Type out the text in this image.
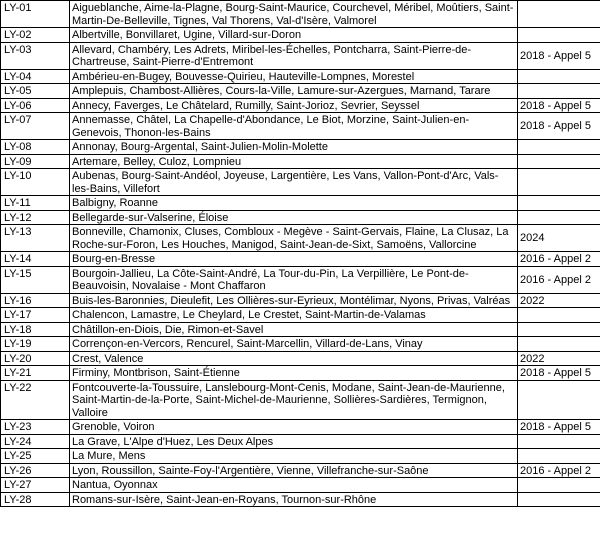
LY-01	Aigueblanche, Aime-la-Plagne, Bourg-Saint-Maurice, Courchevel, Méribel, Moûtiers, Saint-Martin-De-Belleville, Tignes, Val Thorens, Val-d'Isère, Valmorel	
LY-02	Albertville, Bonvillaret, Ugine, Villard-sur-Doron	
LY-03	Allevard, Chambéry, Les Adrets, Miribel-les-Échelles, Pontcharra, Saint-Pierre-de-Chartreuse, Saint-Pierre-d'Entremont	2018 - Appel 5
LY-04	Ambérieu-en-Bugey, Bouvesse-Quirieu, Hauteville-Lompnes, Morestel	
LY-05	Amplepuis, Chambost-Allières, Cours-la-Ville, Lamure-sur-Azergues, Marnand, Tarare	
LY-06	Annecy, Faverges, Le Châtelard, Rumilly, Saint-Jorioz, Sevrier, Seyssel	2018 - Appel 5
LY-07	Annemasse, Châtel, La Chapelle-d'Abondance, Le Biot, Morzine, Saint-Julien-en-Genevois, Thonon-les-Bains	2018 - Appel 5
LY-08	Annonay, Bourg-Argental, Saint-Julien-Molin-Molette	
LY-09	Artemare, Belley, Culoz, Lompnieu	
LY-10	Aubenas, Bourg-Saint-Andéol, Joyeuse, Largentière, Les Vans, Vallon-Pont-d'Arc, Vals-les-Bains, Villefort	
LY-11	Balbigny, Roanne	
LY-12	Bellegarde-sur-Valserine, Éloise	
LY-13	Bonneville, Chamonix, Cluses, Combloux - Megève - Saint-Gervais, Flaine, La Clusaz, La Roche-sur-Foron, Les Houches, Manigod, Saint-Jean-de-Sixt, Samoëns, Vallorcine	2024
LY-14	Bourg-en-Bresse	2016 - Appel 2
LY-15	Bourgoin-Jallieu, La Côte-Saint-André, La Tour-du-Pin, La Verpillière, Le Pont-de-Beauvoisin, Novalaise - Mont Chaffaron	2016 - Appel 2
LY-16	Buis-les-Baronnies, Dieulefit, Les Ollières-sur-Eyrieux, Montélimar, Nyons, Privas, Valréas	2022
LY-17	Chalencon, Lamastre, Le Cheylard, Le Crestet, Saint-Martin-de-Valamas	
LY-18	Châtillon-en-Diois, Die, Rimon-et-Savel	
LY-19	Corrençon-en-Vercors, Rencurel, Saint-Marcellin, Villard-de-Lans, Vinay	
LY-20	Crest, Valence	2022
LY-21	Firminy, Montbrison, Saint-Étienne	2018 - Appel 5
LY-22	Fontcouverte-la-Toussuire, Lanslebourg-Mont-Cenis, Modane, Saint-Jean-de-Maurienne, Saint-Martin-de-la-Porte, Saint-Michel-de-Maurienne, Sollières-Sardières, Termignon, Valloire	
LY-23	Grenoble, Voiron	2018 - Appel 5
LY-24	La Grave, L'Alpe d'Huez, Les Deux Alpes	
LY-25	La Mure, Mens	
LY-26	Lyon, Roussillon, Sainte-Foy-l'Argentière, Vienne, Villefranche-sur-Saône	2016 - Appel 2
LY-27	Nantua, Oyonnax	
LY-28	Romans-sur-Isère, Saint-Jean-en-Royans, Tournon-sur-Rhône	
